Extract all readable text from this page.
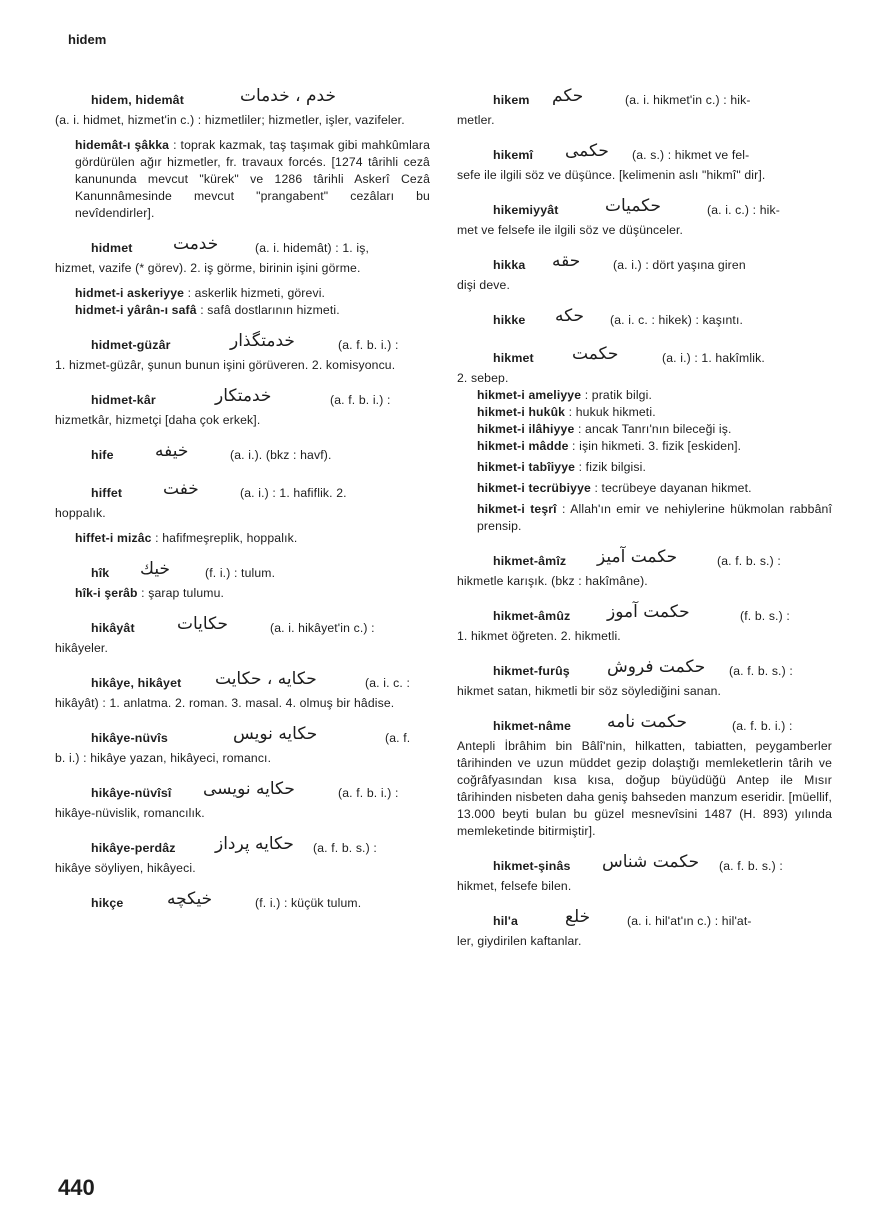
hidem
hidem, hidemât	خدم ، خدمات
(a. i. hidmet, hizmet'in c.) : hizmetliler; hizmetler, işler, vazifeler.
hidemât-ı şâkka : toprak kazmak, taş taşımak gibi mahkûmlara gördürülen ağır hizmetler, fr. travaux forcés. [1274 târihli cezâ kanununda mevcut "kürek" ve 1286 târihli Askerî Cezâ Kanunnâmesinde mevcut "prangabent" cezâları bu nevîdendirler].
hidmet خدمت	(a. i. hidemât) : 1. iş,
hizmet, vazife (* görev). 2. iş görme, birinin işini görme.
hidmet-i askeriyye : askerlik hizmeti, görevi.
hidmet-i yârân-ı safâ : safâ dostlarının hizmeti.
hidmet-güzâr	خدمتگذار	(a. f. b. i.) :
1. hizmet-güzâr, şunun bunun işini görüveren. 2. komisyoncu.
hidmet-kâr	خدمتكار	(a. f. b. i.) :
hizmetkâr, hizmetçi [daha çok erkek].
hife خيفه	(a. i.). (bkz : havf).
hiffet خفت	(a. i.) : 1. hafiflik. 2.
hoppalık.
hiffet-i mizâc : hafifmeşreplik, hoppalık.
hîk خيك	(f. i.) : tulum.
hîk-i şerâb : şarap tulumu.
hikâyât حكايات	(a. i. hikâyet'in c.) :
hikâyeler.
hikâye, hikâyet حكايه ، حكايت	(a. i. c. :
hikâyât) : 1. anlatma. 2. roman. 3. masal. 4. olmuş bir hâdise.
hikâye-nüvîs	حكايه نويس	(a. f.
b. i.) : hikâye yazan, hikâyeci, romancı.
hikâye-nüvîsî حكايه نويسى	(a. f. b. i.) :
hikâye-nüvislik, romancılık.
hikâye-perdâz حكايه پرداز (a. f. b. s.) :
hikâye söyliyen, hikâyeci.
hikçe	خيكچه	(f. i.) : küçük tulum.
hikem حكم	(a. i. hikmet'in c.) : hik-
metler.
hikemî حكمى (a. s.) : hikmet ve fel-
sefe ile ilgili söz ve düşünce. [kelimenin aslı "hikmî" dir].
hikemiyyât	حكميات	(a. i. c.) : hik-
met ve felsefe ile ilgili söz ve düşünceler.
hikka حقه	(a. i.) : dört yaşına giren
dişi deve.
hikke حكه (a. i. c. : hikek) : kaşıntı.
hikmet حكمت	(a. i.) : 1. hakîmlik.
2. sebep.
hikmet-i ameliyye : pratik bilgi.
hikmet-i hukûk : hukuk hikmeti.
hikmet-i ilâhiyye : ancak Tanrı'nın bileceği iş.
hikmet-i mâdde : işin hikmeti. 3. fizik [eskiden].
hikmet-i tabîiyye : fizik bilgisi.
hikmet-i tecrübiyye : tecrübeye dayanan hikmet.
hikmet-i teşrî : Allah'ın emir ve nehiylerine hükmolan rabbânî prensip.
hikmet-âmîz حكمت آميز	(a. f. b. s.) :
hikmetle karışık. (bkz : hakîmâne).
hikmet-âmûz حكمت آموز	(f. b. s.) :
1. hikmet öğreten. 2. hikmetli.
hikmet-furûş حكمت فروش (a. f. b. s.) :
hikmet satan, hikmetli bir söz söylediğini sanan.
hikmet-nâme حكمت نامه	(a. f. b. i.) :
Antepli İbrâhim bin Bâlî'nin, hilkatten, tabiatten, peygamberler târihinden ve uzun müddet gezip dolaştığı memleketlerin târih ve coğrâfyasından kısa kısa, doğup büyüdüğü Antep ile Mısır târihinden nisbeten daha geniş bahseden manzum eseridir. [müellif, 13.000 beyti bulan bu güzel mesnevîsini 1487 (H. 893) yılında memleketinde bitirmiştir].
hikmet-şinâs حكمت شناس (a. f. b. s.) :
hikmet, felsefe bilen.
hil'a	خلع	(a. i. hil'at'ın c.) : hil'at-
ler, giydirilen kaftanlar.
440
